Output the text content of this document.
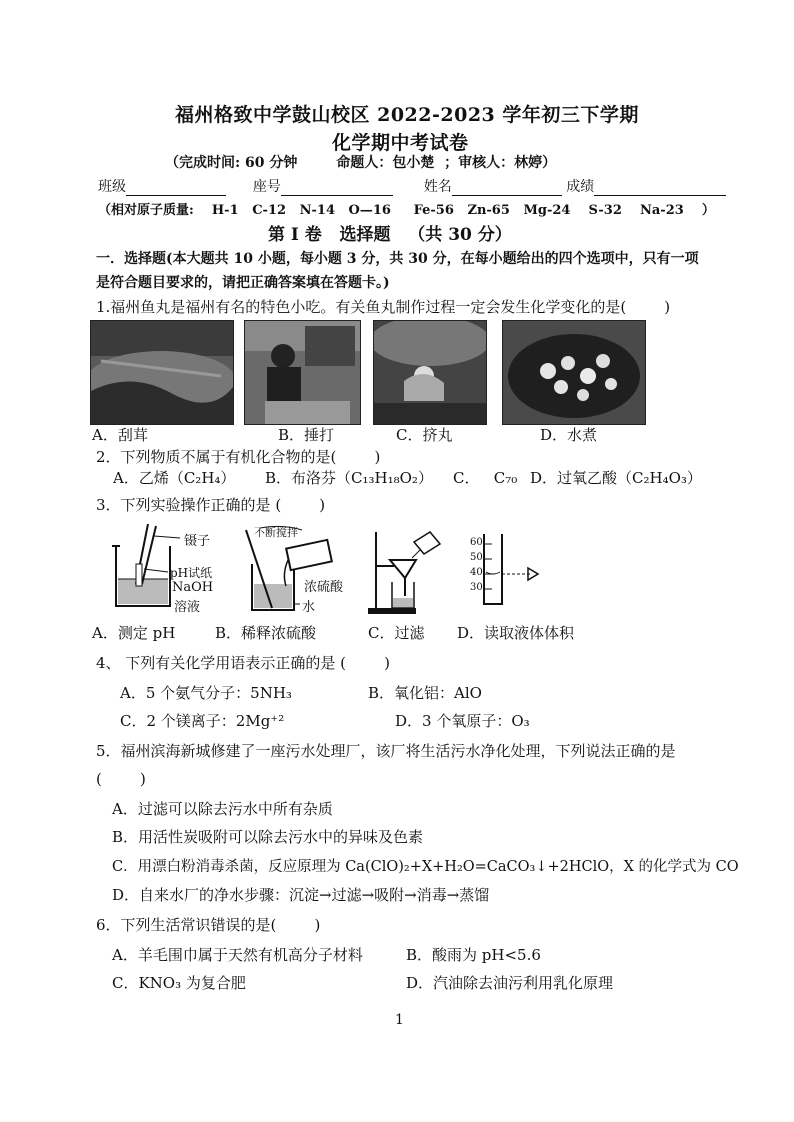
福州格致中学鼓山校区 2022-2023 学年初三下学期
化学期中考试卷
（完成时间: 60 分钟        命题人：包小楚  ；审核人：林婷）
班级	座号	姓名	成绩
（相对原子质量:    H-1   C-12   N-14   O—16     Fe-56   Zn-65   Mg-24    S-32    Na-23    ）
第 I 卷   选择题   （共 30 分）
一．选择题(本大题共 10 小题，每小题 3 分，共 30 分，在每小题给出的四个选项中，只有一项
是符合题目要求的，请把正确答案填在答题卡。)
1.福州鱼丸是福州有名的特色小吃。有关鱼丸制作过程一定会发生化学变化的是(        )
A．刮茸	B．捶打	C．挤丸	D．水煮
2．下列物质不属于有机化合物的是(        )
A．乙烯（C₂H₄） B．布洛芬（C₁₃H₁₈O₂） C．   C₇₀ D．过氧乙酸（C₂H₄O₃）
3．下列实验操作正确的是 (        )
镊子
pH试纸
NaOH
溶液
不断搅拌
浓硫酸
水
60
50
40
30
A．测定 pH	B．稀释浓硫酸	C．过滤 D．读取液体体积
4、 下列有关化学用语表示正确的是 (        )
A．5 个氨气分子：5NH₃	B．氧化铝：AlO
C．2 个镁离子：2Mg⁺²	D．3 个氧原子：O₃
5．福州滨海新城修建了一座污水处理厂，该厂将生活污水净化处理，下列说法正确的是
(        )
A．过滤可以除去污水中所有杂质
B．用活性炭吸附可以除去污水中的异味及色素
C．用漂白粉消毒杀菌，反应原理为 Ca(ClO)₂+X+H₂O=CaCO₃↓+2HClO，X 的化学式为 CO
D．自来水厂的净水步骤：沉淀→过滤→吸附→消毒→蒸馏
6．下列生活常识错误的是(        )
A．羊毛围巾属于天然有机高分子材料	B．酸雨为 pH<5.6
C．KNO₃ 为复合肥	D．汽油除去油污利用乳化原理
1
